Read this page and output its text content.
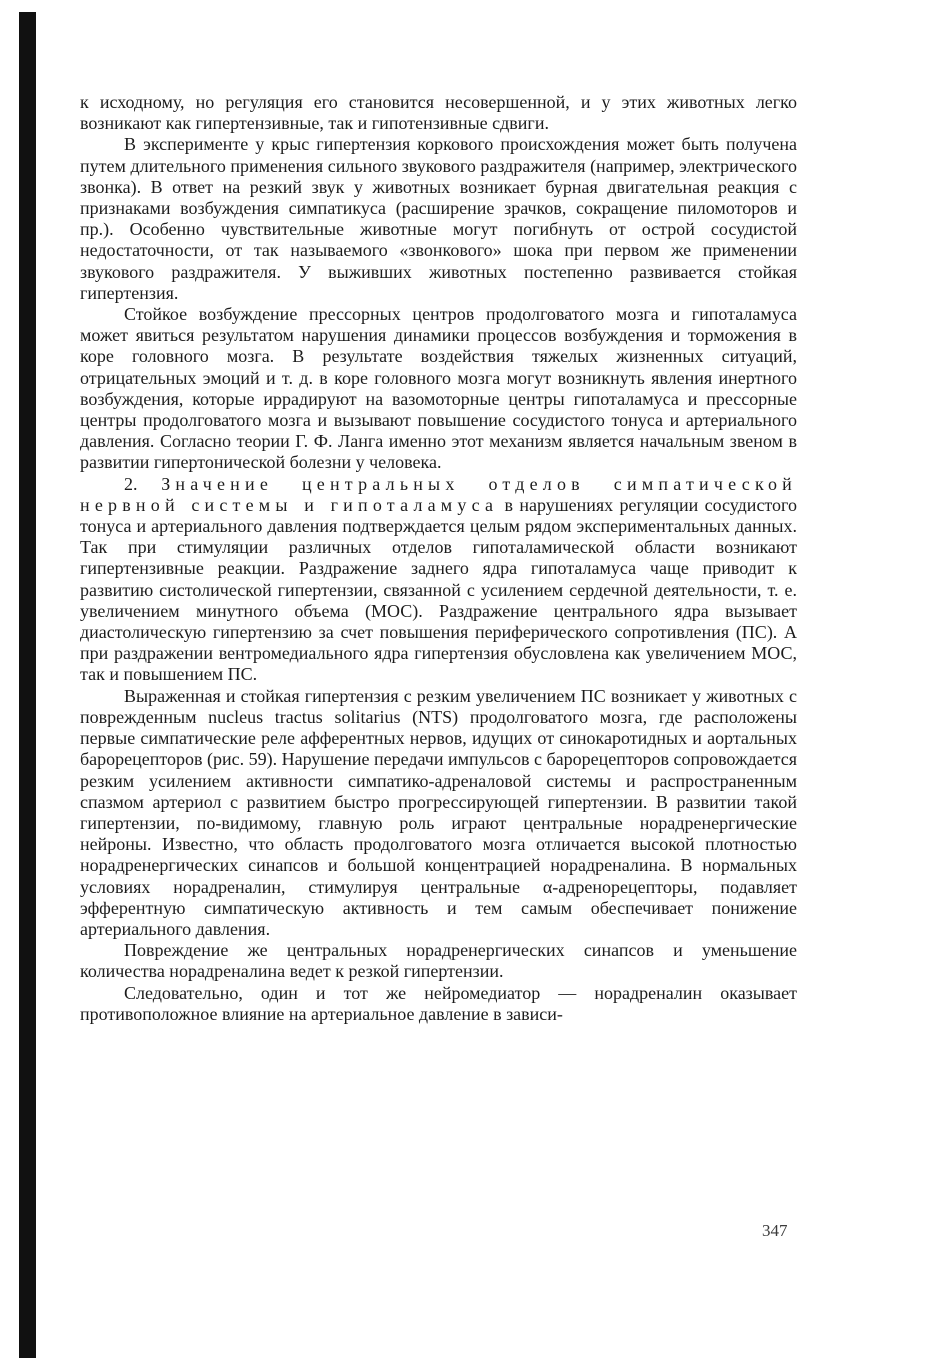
к исходному, но регуляция его становится несовершенной, и у этих животных легко возникают как гипертензивные, так и гипотензивные сдвиги.

В эксперименте у крыс гипертензия коркового происхождения может быть получена путем длительного применения сильного звукового раздражителя (например, электрического звонка). В ответ на резкий звук у животных возникает бурная двигательная реакция с признаками возбуждения симпатикуса (расширение зрачков, сокращение пиломоторов и пр.). Особенно чувствительные животные могут погибнуть от острой сосудистой недостаточности, от так называемого «звонкового» шока при первом же применении звукового раздражителя. У выживших животных постепенно развивается стойкая гипертензия.

Стойкое возбуждение прессорных центров продолговатого мозга и гипоталамуса может явиться результатом нарушения динамики процессов возбуждения и торможения в коре головного мозга. В результате воздействия тяжелых жизненных ситуаций, отрицательных эмоций и т. д. в коре головного мозга могут возникнуть явления инертного возбуждения, которые иррадируют на вазомоторные центры гипоталамуса и прессорные центры продолговатого мозга и вызывают повышение сосудистого тонуса и артериального давления. Согласно теории Г. Ф. Ланга именно этот механизм является начальным звеном в развитии гипертонической болезни у человека.

2. Значение центральных отделов симпатической нервной системы и гипоталамуса в нарушениях регуляции сосудистого тонуса и артериального давления подтверждается целым рядом экспериментальных данных. Так при стимуляции различных отделов гипоталамической области возникают гипертензивные реакции. Раздражение заднего ядра гипоталамуса чаще приводит к развитию систолической гипертензии, связанной с усилением сердечной деятельности, т. е. увеличением минутного объема (МОС). Раздражение центрального ядра вызывает диастолическую гипертензию за счет повышения периферического сопротивления (ПС). А при раздражении вентромедиального ядра гипертензия обусловлена как увеличением МОС, так и повышением ПС.

Выраженная и стойкая гипертензия с резким увеличением ПС возникает у животных с поврежденным nucleus tractus solitarius (NTS) продолговатого мозга, где расположены первые симпатические реле афферентных нервов, идущих от синокаротидных и аортальных барорецепторов (рис. 59). Нарушение передачи импульсов с барорецепторов сопровождается резким усилением активности симпатико-адреналовой системы и распространенным спазмом артериол с развитием быстро прогрессирующей гипертензии. В развитии такой гипертензии, по-видимому, главную роль играют центральные норадренергические нейроны. Известно, что область продолговатого мозга отличается высокой плотностью норадренергических синапсов и большой концентрацией норадреналина. В нормальных условиях норадреналин, стимулируя центральные α-адренорецепторы, подавляет эфферентную симпатическую активность и тем самым обеспечивает понижение артериального давления.

Повреждение же центральных норадренергических синапсов и уменьшение количества норадреналина ведет к резкой гипертензии.

Следовательно, один и тот же нейромедиатор — норадреналин оказывает противоположное влияние на артериальное давление в зависи-

347
